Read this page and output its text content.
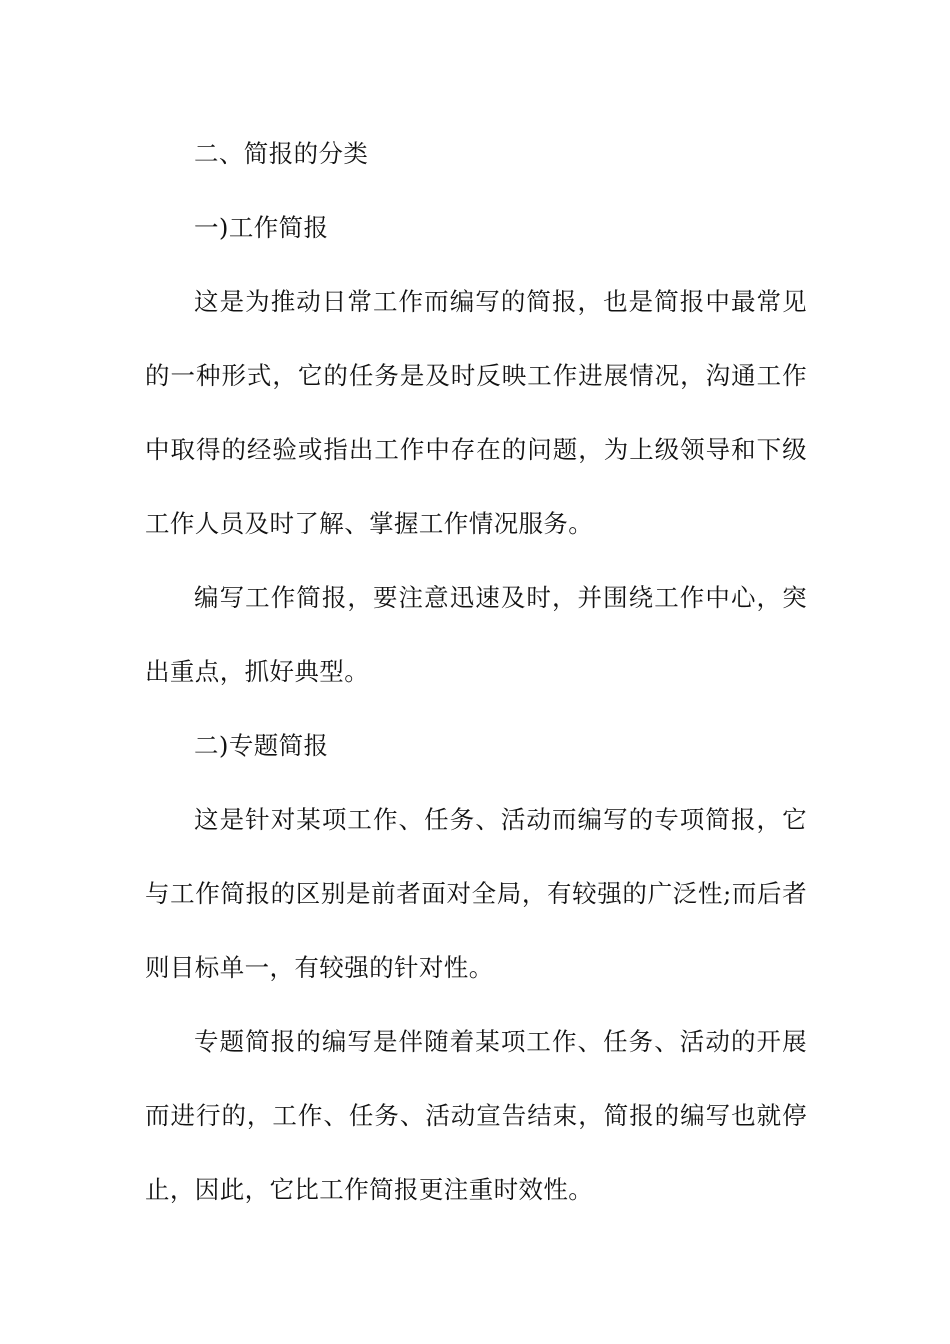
二、简报的分类

一)工作简报

这是为推动日常工作而编写的简报，也是简报中最常见的一种形式，它的任务是及时反映工作进展情况，沟通工作中取得的经验或指出工作中存在的问题，为上级领导和下级工作人员及时了解、掌握工作情况服务。

编写工作简报，要注意迅速及时，并围绕工作中心，突出重点，抓好典型。

二)专题简报

这是针对某项工作、任务、活动而编写的专项简报，它与工作简报的区别是前者面对全局，有较强的广泛性;而后者则目标单一，有较强的针对性。

专题简报的编写是伴随着某项工作、任务、活动的开展而进行的，工作、任务、活动宣告结束，简报的编写也就停止，因此，它比工作简报更注重时效性。
